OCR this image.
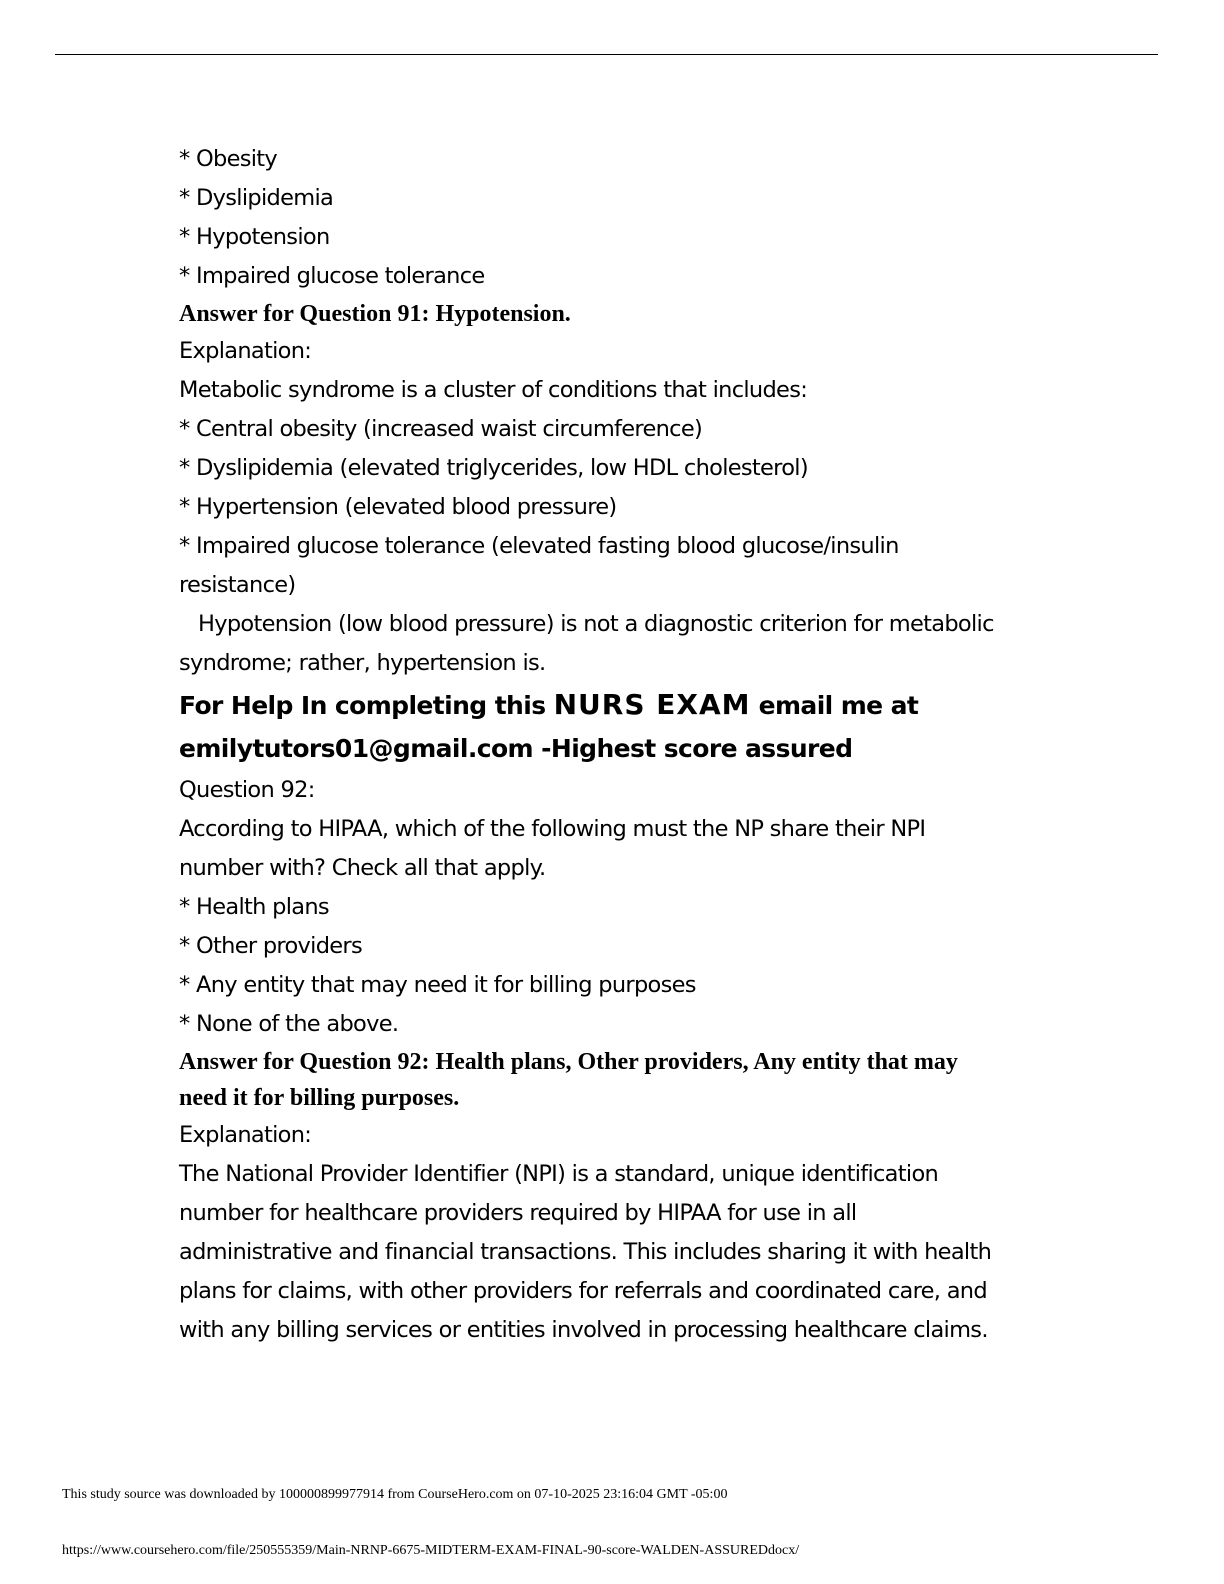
* Obesity
* Dyslipidemia
* Hypotension
* Impaired glucose tolerance
Answer for Question 91: Hypotension.
Explanation:
Metabolic syndrome is a cluster of conditions that includes:
* Central obesity (increased waist circumference)
* Dyslipidemia (elevated triglycerides, low HDL cholesterol)
* Hypertension (elevated blood pressure)
* Impaired glucose tolerance (elevated fasting blood glucose/insulin
resistance)
Hypotension (low blood pressure) is not a diagnostic criterion for metabolic
syndrome; rather, hypertension is.
For Help In completing this NURS EXAM email me at
emilytutors01@gmail.com -Highest score assured
Question 92:
According to HIPAA, which of the following must the NP share their NPI
number with? Check all that apply.
* Health plans
* Other providers
* Any entity that may need it for billing purposes
* None of the above.
Answer for Question 92: Health plans, Other providers, Any entity that may
need it for billing purposes.
Explanation:
The National Provider Identifier (NPI) is a standard, unique identification
number for healthcare providers required by HIPAA for use in all
administrative and financial transactions. This includes sharing it with health
plans for claims, with other providers for referrals and coordinated care, and
with any billing services or entities involved in processing healthcare claims.
This study source was downloaded by 100000899977914 from CourseHero.com on 07-10-2025 23:16:04 GMT -05:00
https://www.coursehero.com/file/250555359/Main-NRNP-6675-MIDTERM-EXAM-FINAL-90-score-WALDEN-ASSUREDdocx/
